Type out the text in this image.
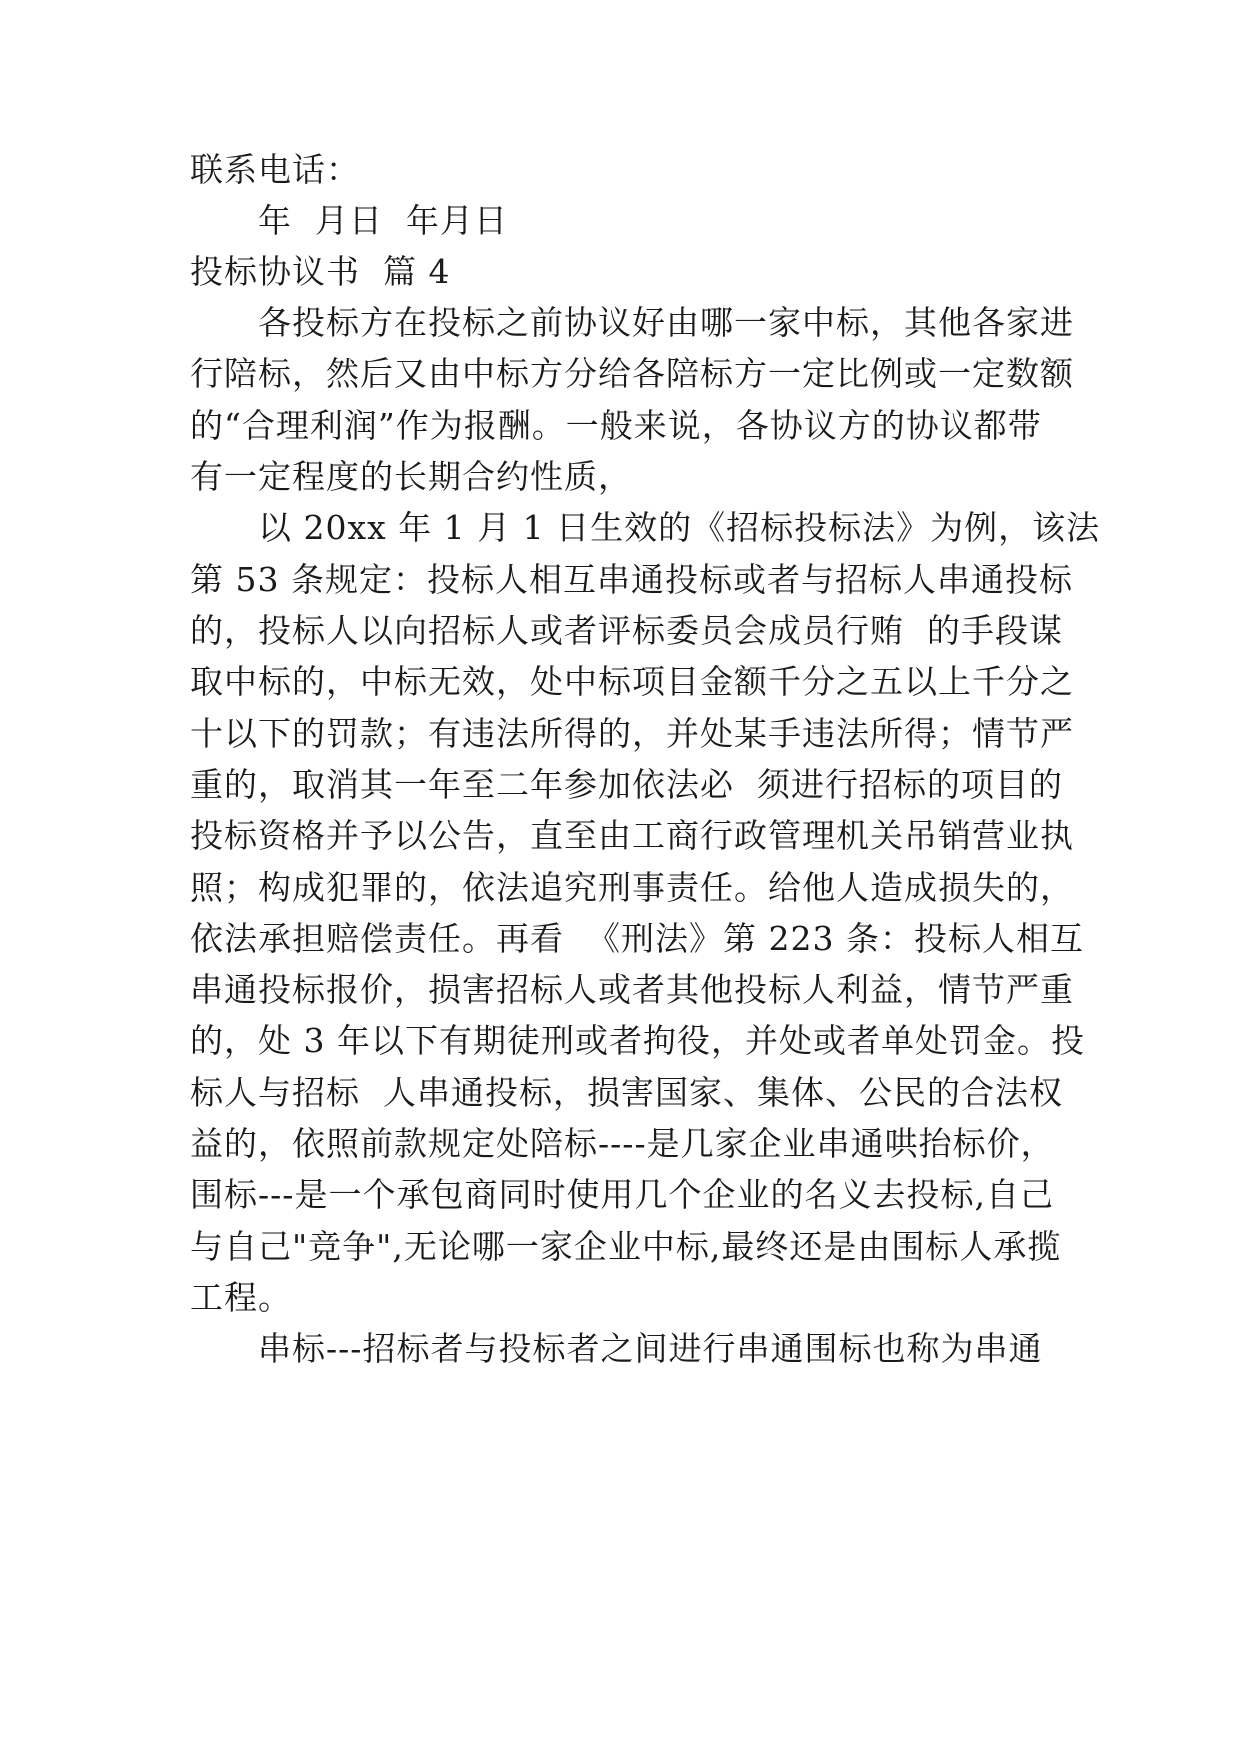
联系电话：
年  月日  年月日
投标协议书  篇 4
各投标方在投标之前协议好由哪一家中标，其他各家进
行陪标，然后又由中标方分给各陪标方一定比例或一定数额
的“合理利润”作为报酬。一般来说，各协议方的协议都带
有一定程度的长期合约性质，
以 20xx 年 1 月 1 日生效的《招标投标法》为例，该法
第 53 条规定：投标人相互串通投标或者与招标人串通投标
的，投标人以向招标人或者评标委员会成员行贿  的手段谋
取中标的，中标无效，处中标项目金额千分之五以上千分之
十以下的罚款；有违法所得的，并处某手违法所得；情节严
重的，取消其一年至二年参加依法必  须进行招标的项目的
投标资格并予以公告，直至由工商行政管理机关吊销营业执
照；构成犯罪的，依法追究刑事责任。给他人造成损失的，
依法承担赔偿责任。再看  《刑法》第 223 条：投标人相互
串通投标报价，损害招标人或者其他投标人利益，情节严重
的，处 3 年以下有期徒刑或者拘役，并处或者单处罚金。投
标人与招标  人串通投标，损害国家、集体、公民的合法权
益的，依照前款规定处陪标----是几家企业串通哄抬标价，
围标---是一个承包商同时使用几个企业的名义去投标,自己
与自己"竞争",无论哪一家企业中标,最终还是由围标人承揽
工程。
串标---招标者与投标者之间进行串通围标也称为串通
